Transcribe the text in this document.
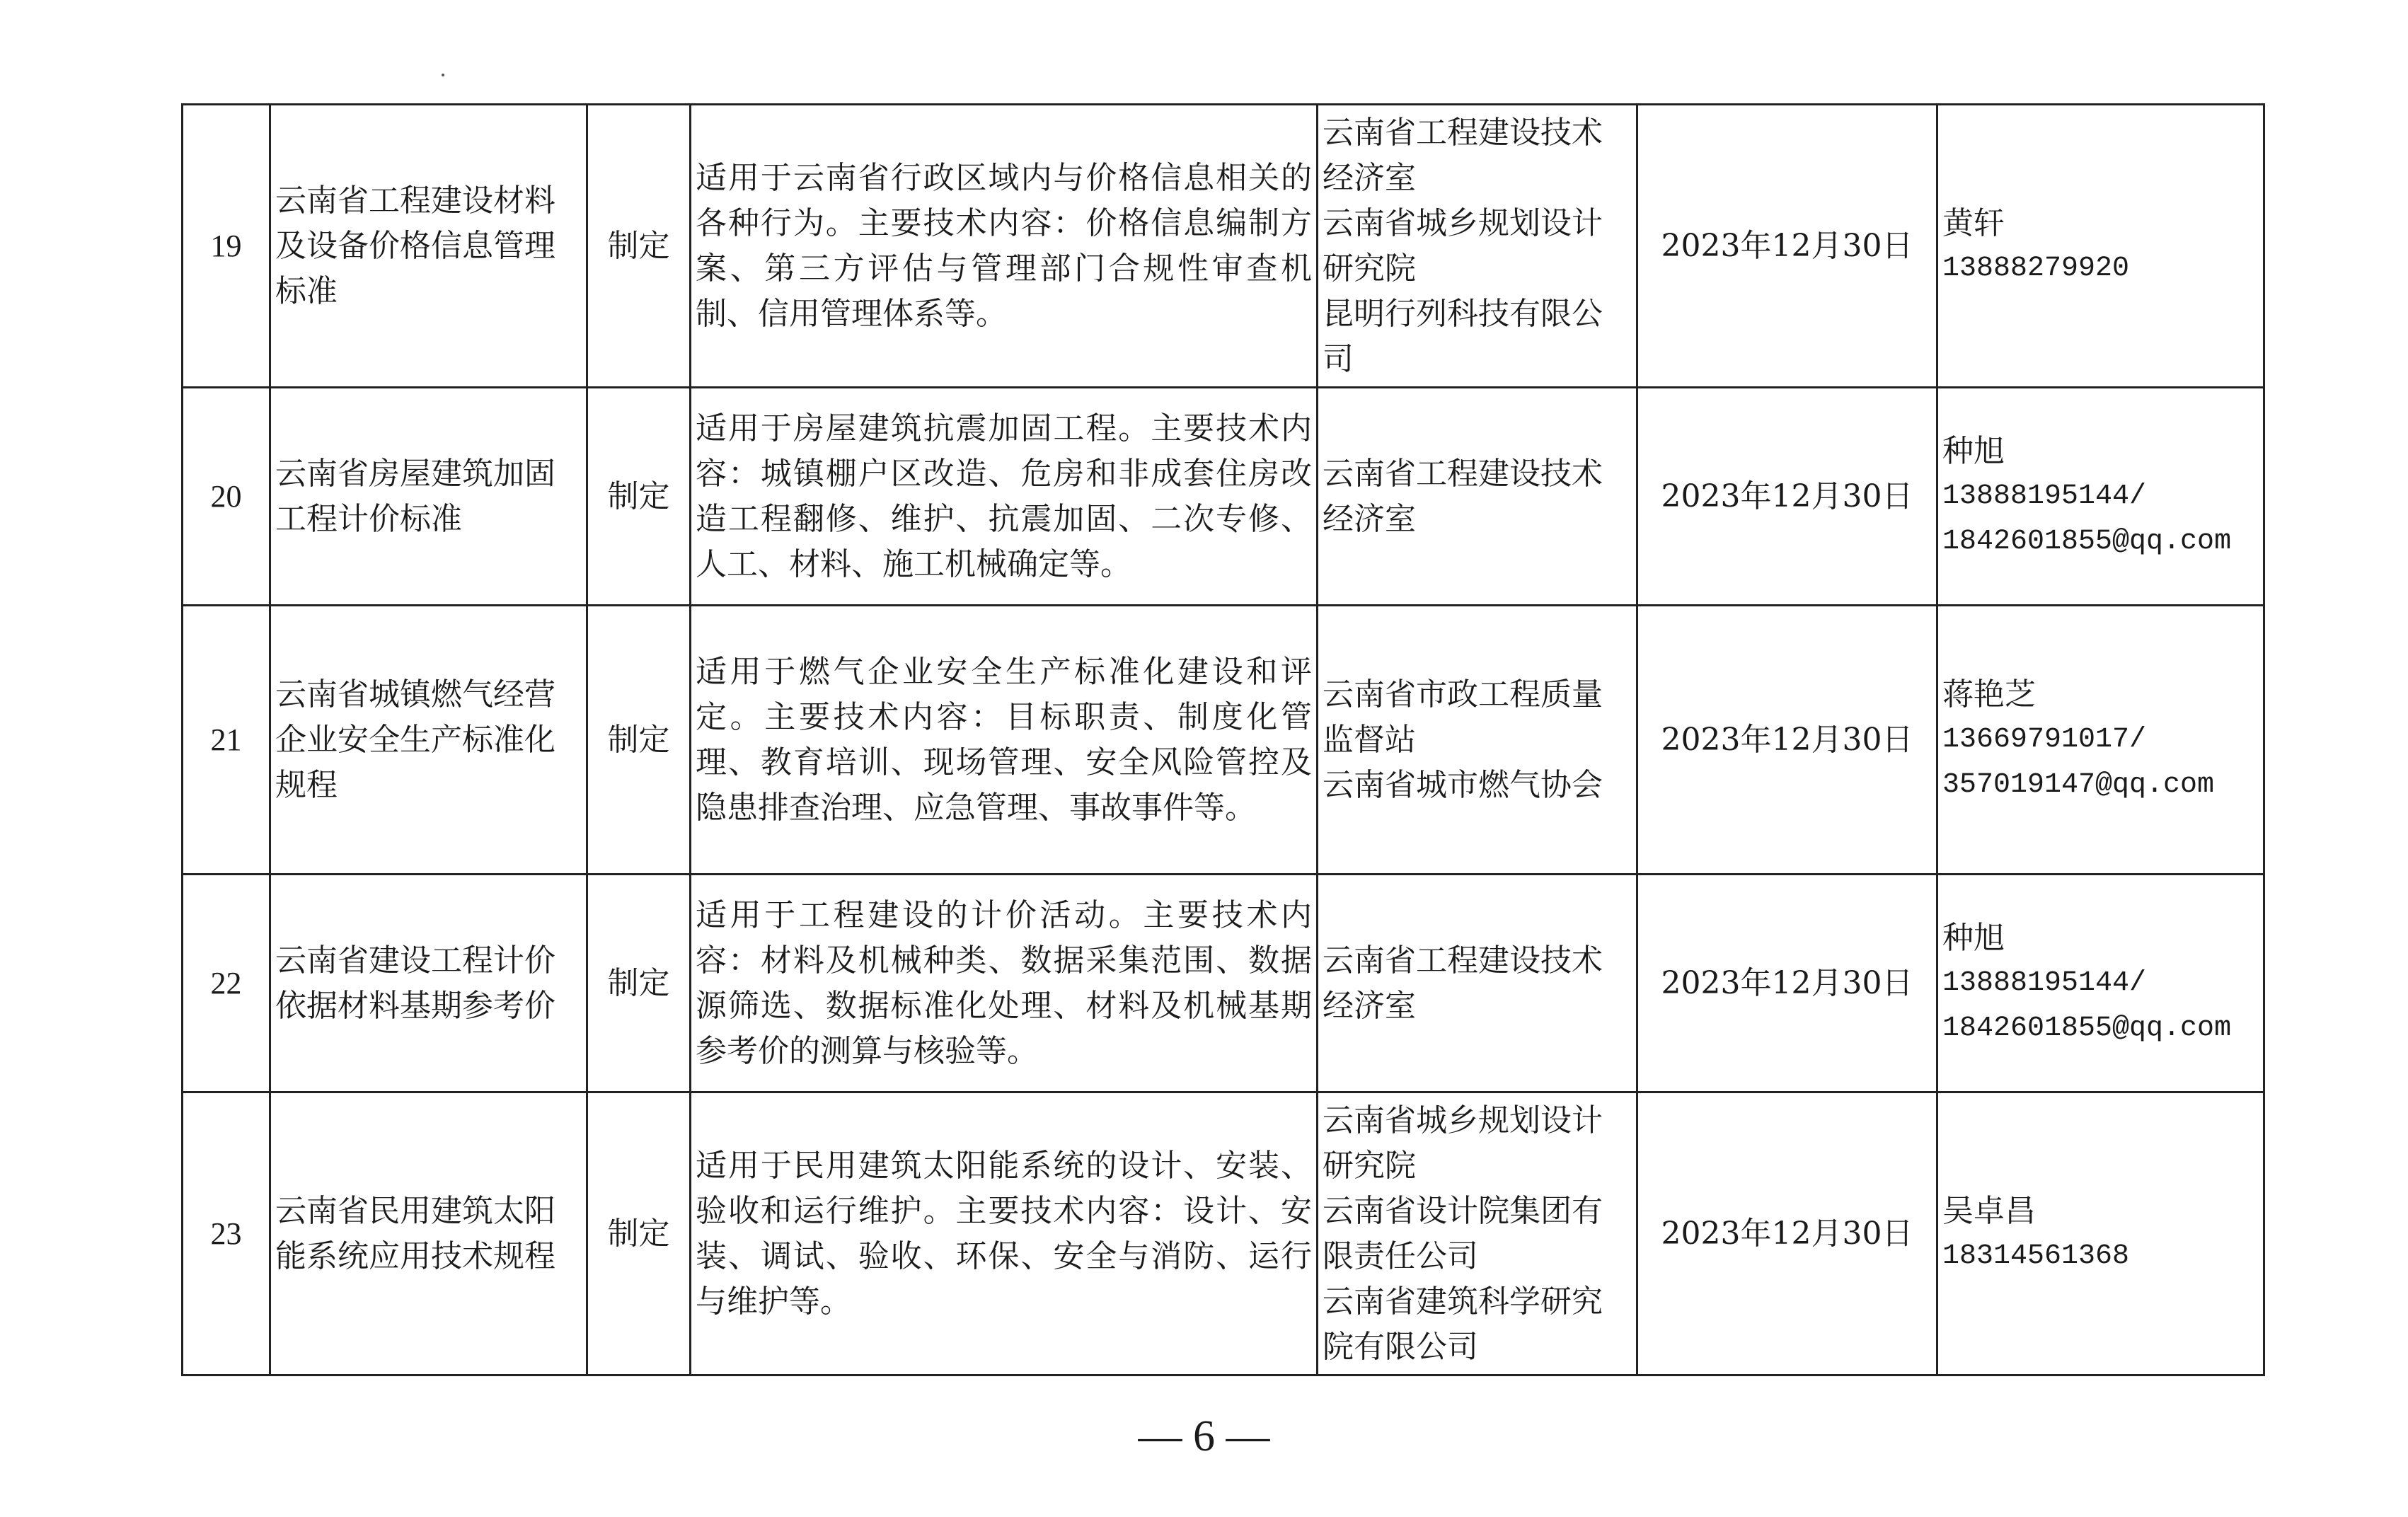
19	云南省工程建设材料及设备价格信息管理标准	制定	适用于云南省行政区域内与价格信息相关的各种行为。主要技术内容：价格信息编制方案、第三方评估与管理部门合规性审查机制、信用管理体系等。	云南省工程建设技术经济室
云南省城乡规划设计研究院
昆明行列科技有限公司	2023年12月30日	黄轩
13888279920

20	云南省房屋建筑加固工程计价标准	制定	适用于房屋建筑抗震加固工程。主要技术内容：城镇棚户区改造、危房和非成套住房改造工程翻修、维护、抗震加固、二次专修、人工、材料、施工机械确定等。	云南省工程建设技术经济室	2023年12月30日	种旭
13888195144/
1842601855@qq.com

21	云南省城镇燃气经营企业安全生产标准化规程	制定	适用于燃气企业安全生产标准化建设和评定。主要技术内容：目标职责、制度化管理、教育培训、现场管理、安全风险管控及隐患排查治理、应急管理、事故事件等。	云南省市政工程质量监督站
云南省城市燃气协会	2023年12月30日	蒋艳芝
13669791017/
357019147@qq.com

22	云南省建设工程计价依据材料基期参考价	制定	适用于工程建设的计价活动。主要技术内容：材料及机械种类、数据采集范围、数据源筛选、数据标准化处理、材料及机械基期参考价的测算与核验等。	云南省工程建设技术经济室	2023年12月30日	种旭
13888195144/
1842601855@qq.com

23	云南省民用建筑太阳能系统应用技术规程	制定	适用于民用建筑太阳能系统的设计、安装、验收和运行维护。主要技术内容：设计、安装、调试、验收、环保、安全与消防、运行与维护等。	云南省城乡规划设计研究院
云南省设计院集团有限责任公司
云南省建筑科学研究院有限公司	2023年12月30日	吴卓昌
18314561368
— 6 —
